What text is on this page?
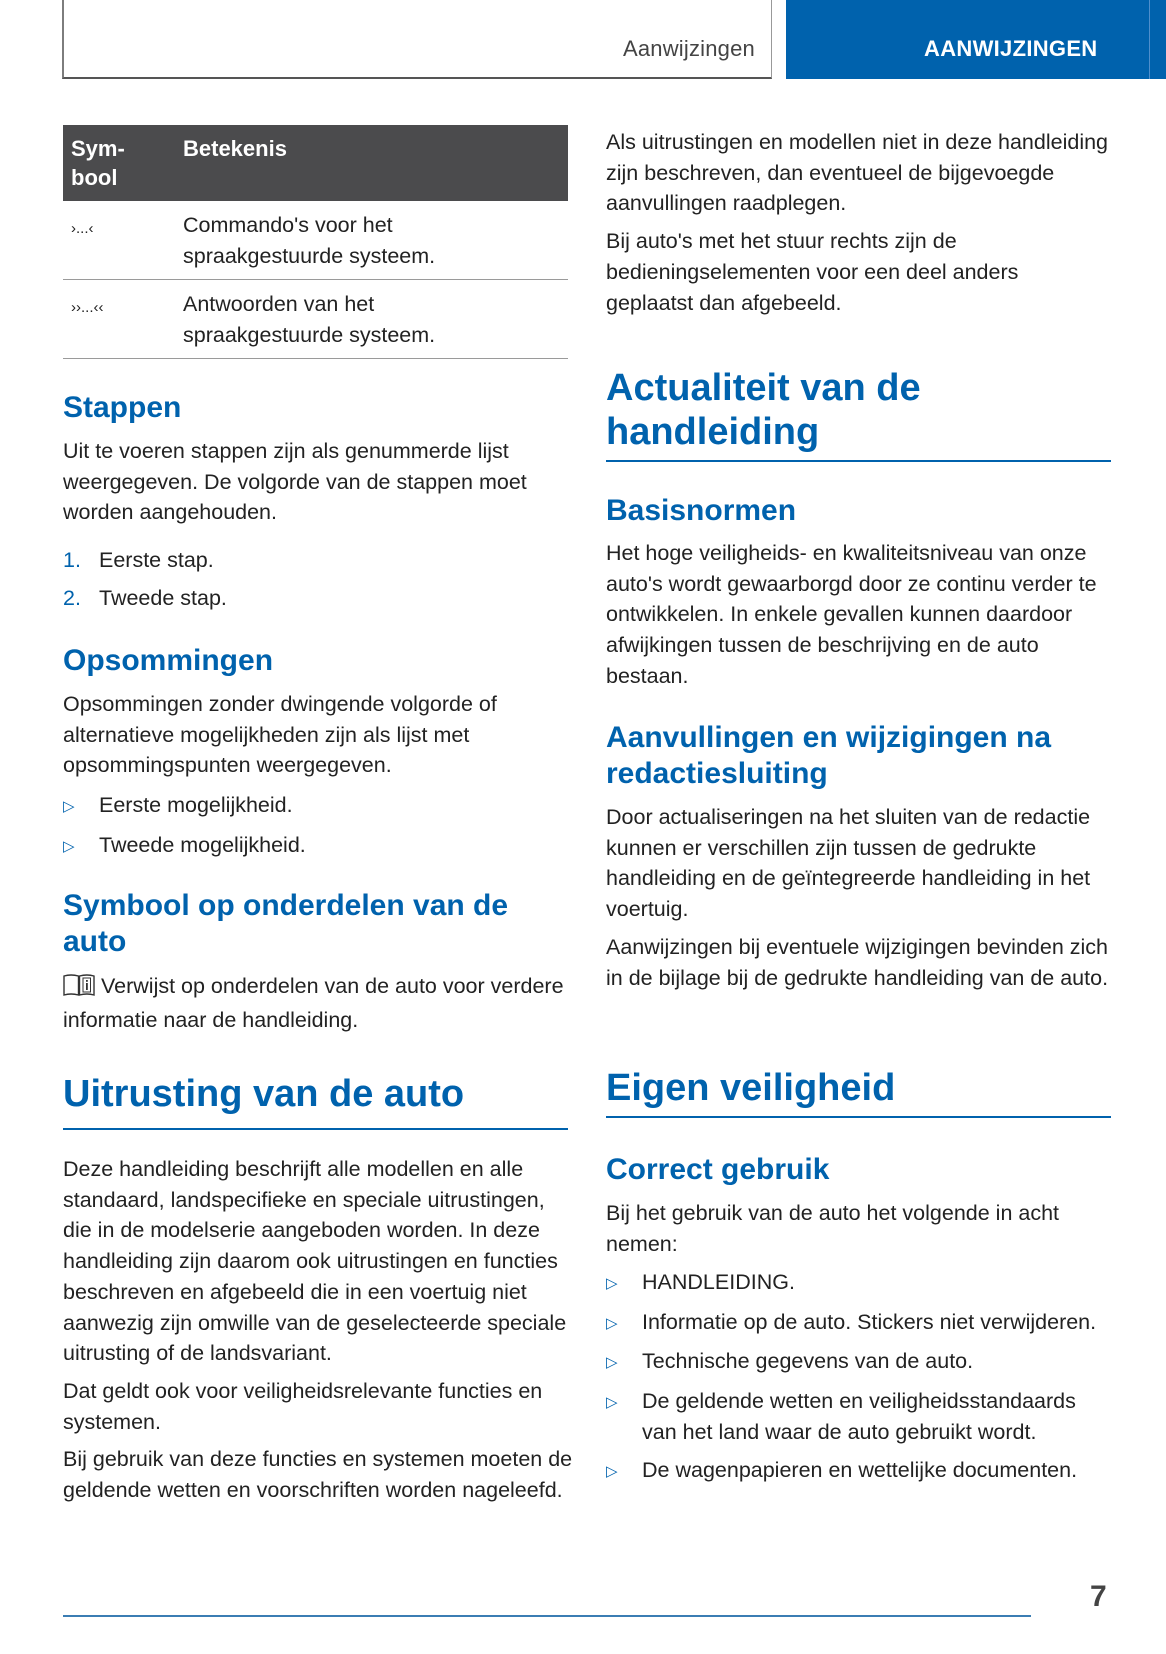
Aanwijzingen	AANWIJZINGEN
Sym-
bool	Betekenis
›...‹	Commando's voor het
spraakgestuurde systeem.
››...‹‹	Antwoorden van het
spraakgestuurde systeem.
Stappen

Uit te voeren stappen zijn als genummerde lijst weergegeven. De volgorde van de stappen moet worden aangehouden.

1. Eerste stap.
2. Tweede stap.
Opsommingen

Opsommingen zonder dwingende volgorde of alternatieve mogelijkheden zijn als lijst met opsommingspunten weergegeven.

▷	Eerste mogelijkheid.
▷	Tweede mogelijkheid.
Symbool op onderdelen van de auto

Verwijst op onderdelen van de auto voor verdere informatie naar de handleiding.

Uitrusting van de auto

Deze handleiding beschrijft alle modellen en alle standaard, landspecifieke en speciale uitrustingen, die in de modelserie aangeboden worden. In deze handleiding zijn daarom ook uitrustingen en functies beschreven en afgebeeld die in een voertuig niet aanwezig zijn omwille van de geselecteerde speciale uitrusting of de landsvariant.

Dat geldt ook voor veiligheidsrelevante functies en systemen.

Bij gebruik van deze functies en systemen moeten de geldende wetten en voorschriften worden nageleefd.

Als uitrustingen en modellen niet in deze handleiding zijn beschreven, dan eventueel de bijgevoegde aanvullingen raadplegen.

Bij auto's met het stuur rechts zijn de bedieningselementen voor een deel anders geplaatst dan afgebeeld.

Actualiteit van de handleiding
Basisnormen

Het hoge veiligheids- en kwaliteitsniveau van onze auto's wordt gewaarborgd door ze continu verder te ontwikkelen. In enkele gevallen kunnen daardoor afwijkingen tussen de beschrijving en de auto bestaan.

Aanvullingen en wijzigingen na redactiesluiting

Door actualiseringen na het sluiten van de redactie kunnen er verschillen zijn tussen de gedrukte handleiding en de geïntegreerde handleiding in het voertuig.

Aanwijzingen bij eventuele wijzigingen bevinden zich in de bijlage bij de gedrukte handleiding van de auto.

Eigen veiligheid
Correct gebruik

Bij het gebruik van de auto het volgende in acht nemen:

▷	HANDLEIDING.
▷	Informatie op de auto. Stickers niet verwijderen.
▷	Technische gegevens van de auto.
▷	De geldende wetten en veiligheidsstandaards van het land waar de auto gebruikt wordt.
▷	De wagenpapieren en wettelijke documenten.
7
